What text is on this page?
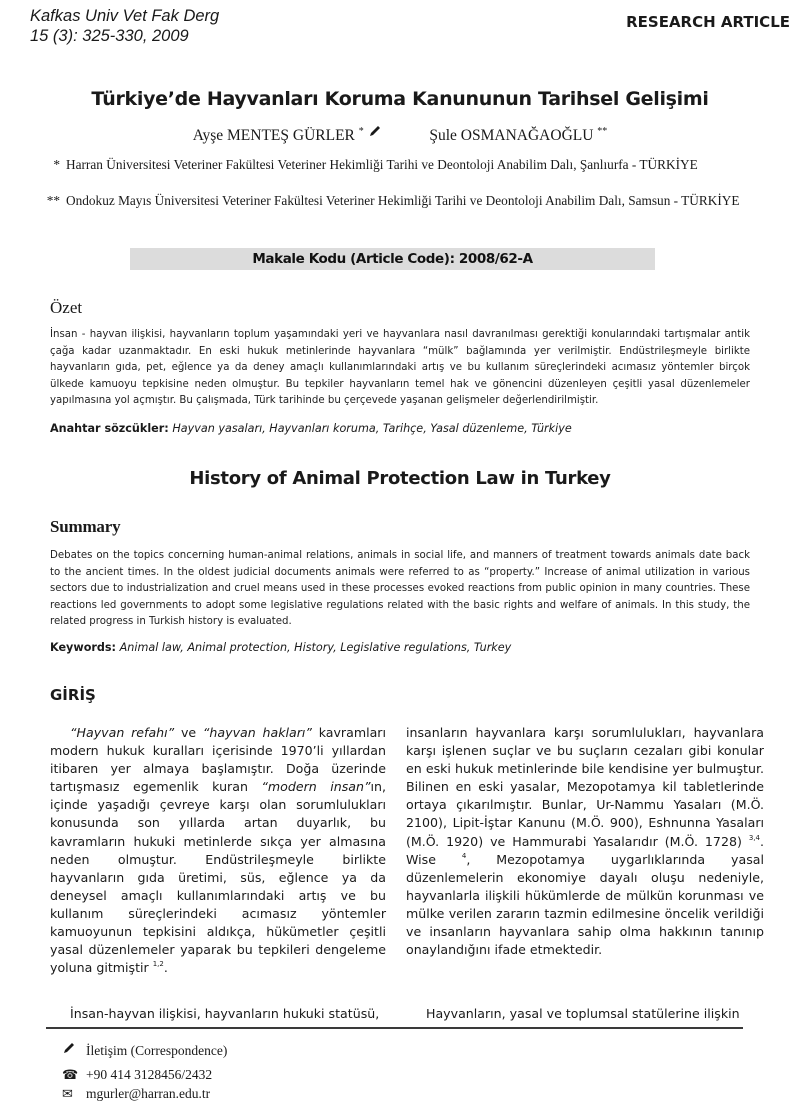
Kafkas Univ Vet Fak Derg
15 (3): 325-330, 2009
RESEARCH ARTICLE
Türkiye’de Hayvanları Koruma Kanununun Tarihsel Gelişimi
Ayşe MENTEŞ GÜRLER *	Şule OSMANAĞAOĞLU **
* Harran Üniversitesi Veteriner Fakültesi Veteriner Hekimliği Tarihi ve Deontoloji Anabilim Dalı, Şanlıurfa - TÜRKİYE
** Ondokuz Mayıs Üniversitesi Veteriner Fakültesi Veteriner Hekimliği Tarihi ve Deontoloji Anabilim Dalı, Samsun - TÜRKİYE
Makale Kodu (Article Code): 2008/62-A
Özet

İnsan - hayvan ilişkisi, hayvanların toplum yaşamındaki yeri ve hayvanlara nasıl davranılması gerektiği konularındaki tartışmalar antik çağa kadar uzanmaktadır. En eski hukuk metinlerinde hayvanlara “mülk” bağlamında yer verilmiştir. Endüstrileşmeyle birlikte hayvanların gıda, pet, eğlence ya da deney amaçlı kullanımlarındaki artış ve bu kullanım süreçlerindeki acımasız yöntemler birçok ülkede kamuoyu tepkisine neden olmuştur. Bu tepkiler hayvanların temel hak ve gönencini düzenleyen çeşitli yasal düzenlemeler yapılmasına yol açmıştır. Bu çalışmada, Türk tarihinde bu çerçevede yaşanan gelişmeler değerlendirilmiştir.

Anahtar sözcükler: Hayvan yasaları, Hayvanları koruma, Tarihçe, Yasal düzenleme, Türkiye
History of Animal Protection Law in Turkey
Summary

Debates on the topics concerning human-animal relations, animals in social life, and manners of treatment towards animals date back to the ancient times. In the oldest judicial documents animals were referred to as “property.” Increase of animal utilization in various sectors due to industrialization and cruel means used in these processes evoked reactions from public opinion in many countries. These reactions led governments to adopt some legislative regulations related with the basic rights and welfare of animals. In this study, the related progress in Turkish history is evaluated.

Keywords: Animal law, Animal protection, History, Legislative regulations, Turkey
GİRİŞ

“Hayvan refahı” ve “hayvan hakları” kavramları modern hukuk kuralları içerisinde 1970’li yıllardan itibaren yer almaya başlamıştır. Doğa üzerinde tartışmasız egemenlik kuran “modern insan”ın, içinde yaşadığı çevreye karşı olan sorumlulukları konusunda son yıllarda artan duyarlık, bu kavramların hukuki metinlerde sıkça yer almasına neden olmuştur. Endüstrileşmeyle birlikte hayvanların gıda üretimi, süs, eğlence ya da deneysel amaçlı kullanımlarındaki artış ve bu kullanım süreçlerindeki acımasız yöntemler kamuoyunun tepkisini aldıkça, hükümetler çeşitli yasal düzenlemeler yaparak bu tepkileri dengeleme yoluna gitmiştir $^{1,2}$.

İnsan-hayvan ilişkisi, hayvanların hukuki statüsü,

insanların hayvanlara karşı sorumlulukları, hayvanlara karşı işlenen suçlar ve bu suçların cezaları gibi konular en eski hukuk metinlerinde bile kendisine yer bulmuştur. Bilinen en eski yasalar, Mezopotamya kil tabletlerinde ortaya çıkarılmıştır. Bunlar, Ur-Nammu Yasaları (M.Ö. 2100), Lipit-İştar Kanunu (M.Ö. 900), Eshnunna Yasaları (M.Ö. 1920) ve Hammurabi Yasalarıdır (M.Ö. 1728) $^{3,4}$. Wise $^4$, Mezopotamya uygarlıklarında yasal düzenlemelerin ekonomiye dayalı oluşu nedeniyle, hayvanlarla ilişkili hükümlerde de mülkün korunması ve mülke verilen zararın tazmin edilmesine öncelik verildiği ve insanların hayvanlara sahip olma hakkının tanınıp onaylandığını ifade etmektedir.

Hayvanların, yasal ve toplumsal statülerine ilişkin

İletişim (Correspondence)
☎ +90 414 3128456/2432
✉ mgurler@harran.edu.tr
